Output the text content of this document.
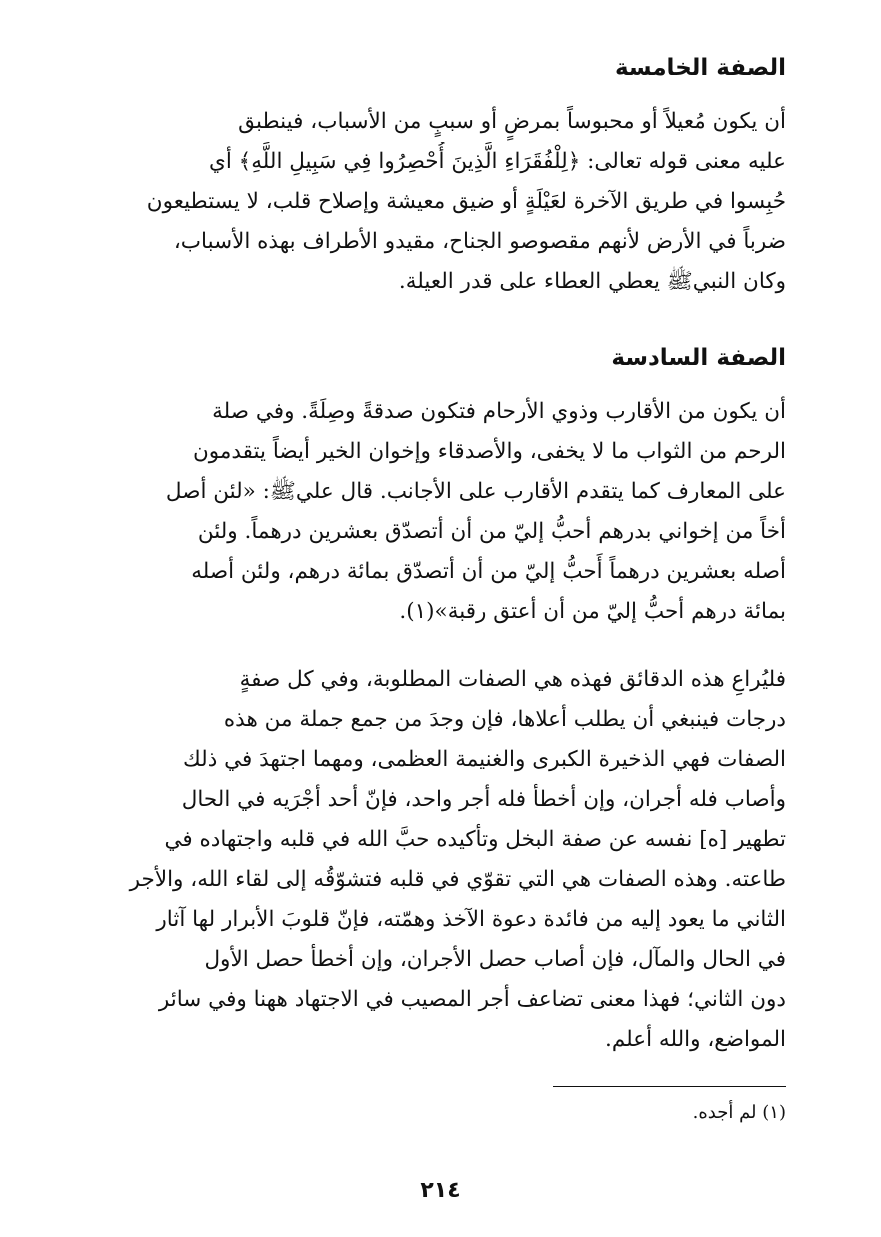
الصفة الخامسة
أن يكون مُعيلاً أو محبوساً بمرضٍ أو سببٍ من الأسباب، فينطبق
عليه معنى قوله تعالى: ﴿لِلْفُقَرَاءِ الَّذِينَ أُحْصِرُوا فِي سَبِيلِ اللَّهِ﴾ أي
حُبِسوا في طريق الآخرة لعَيْلَةٍ أو ضيق معيشة وإصلاح قلب، لا يستطيعون
ضرباً في الأرض لأنهم مقصوصو الجناح، مقيدو الأطراف بهذه الأسباب،
وكان النبيﷺ يعطي العطاء على قدر العيلة.
الصفة السادسة
أن يكون من الأقارب وذوي الأرحام فتكون صدقةً وصِلَةً. وفي صلة
الرحم من الثواب ما لا يخفى، والأصدقاء وإخوان الخير أيضاً يتقدمون
على المعارف كما يتقدم الأقارب على الأجانب. قال عليﷺ: «لئن أصل
أخاً من إخواني بدرهم أحبُّ إليّ من أن أتصدّق بعشرين درهماً. ولئن
أصله بعشرين درهماً أَحبُّ إليّ من أن أتصدّق بمائة درهم، ولئن أصله
بمائة درهم أحبُّ إليّ من أن أعتق رقبة»(١).
فليُراعِ هذه الدقائق فهذه هي الصفات المطلوبة، وفي كل صفةٍ
درجات فينبغي أن يطلب أعلاها، فإن وجدَ من جمع جملة من هذه
الصفات فهي الذخيرة الكبرى والغنيمة العظمى، ومهما اجتهدَ في ذلك
وأصاب فله أجران، وإن أخطأ فله أجر واحد، فإنّ أحد أجْرَيه في الحال
تطهير [ه] نفسه عن صفة البخل وتأكيده حبَّ الله في قلبه واجتهاده في
طاعته. وهذه الصفات هي التي تقوّي في قلبه فتشوّقُه إلى لقاء الله، والأجر
الثاني ما يعود إليه من فائدة دعوة الآخذ وهمّته، فإنّ قلوبَ الأبرار لها آثار
في الحال والمآل، فإن أصاب حصل الأجران، وإن أخطأ حصل الأول
دون الثاني؛ فهذا معنى تضاعف أجر المصيب في الاجتهاد ههنا وفي سائر
المواضع، والله أعلم.
(١) لم أجده.
٢١٤
